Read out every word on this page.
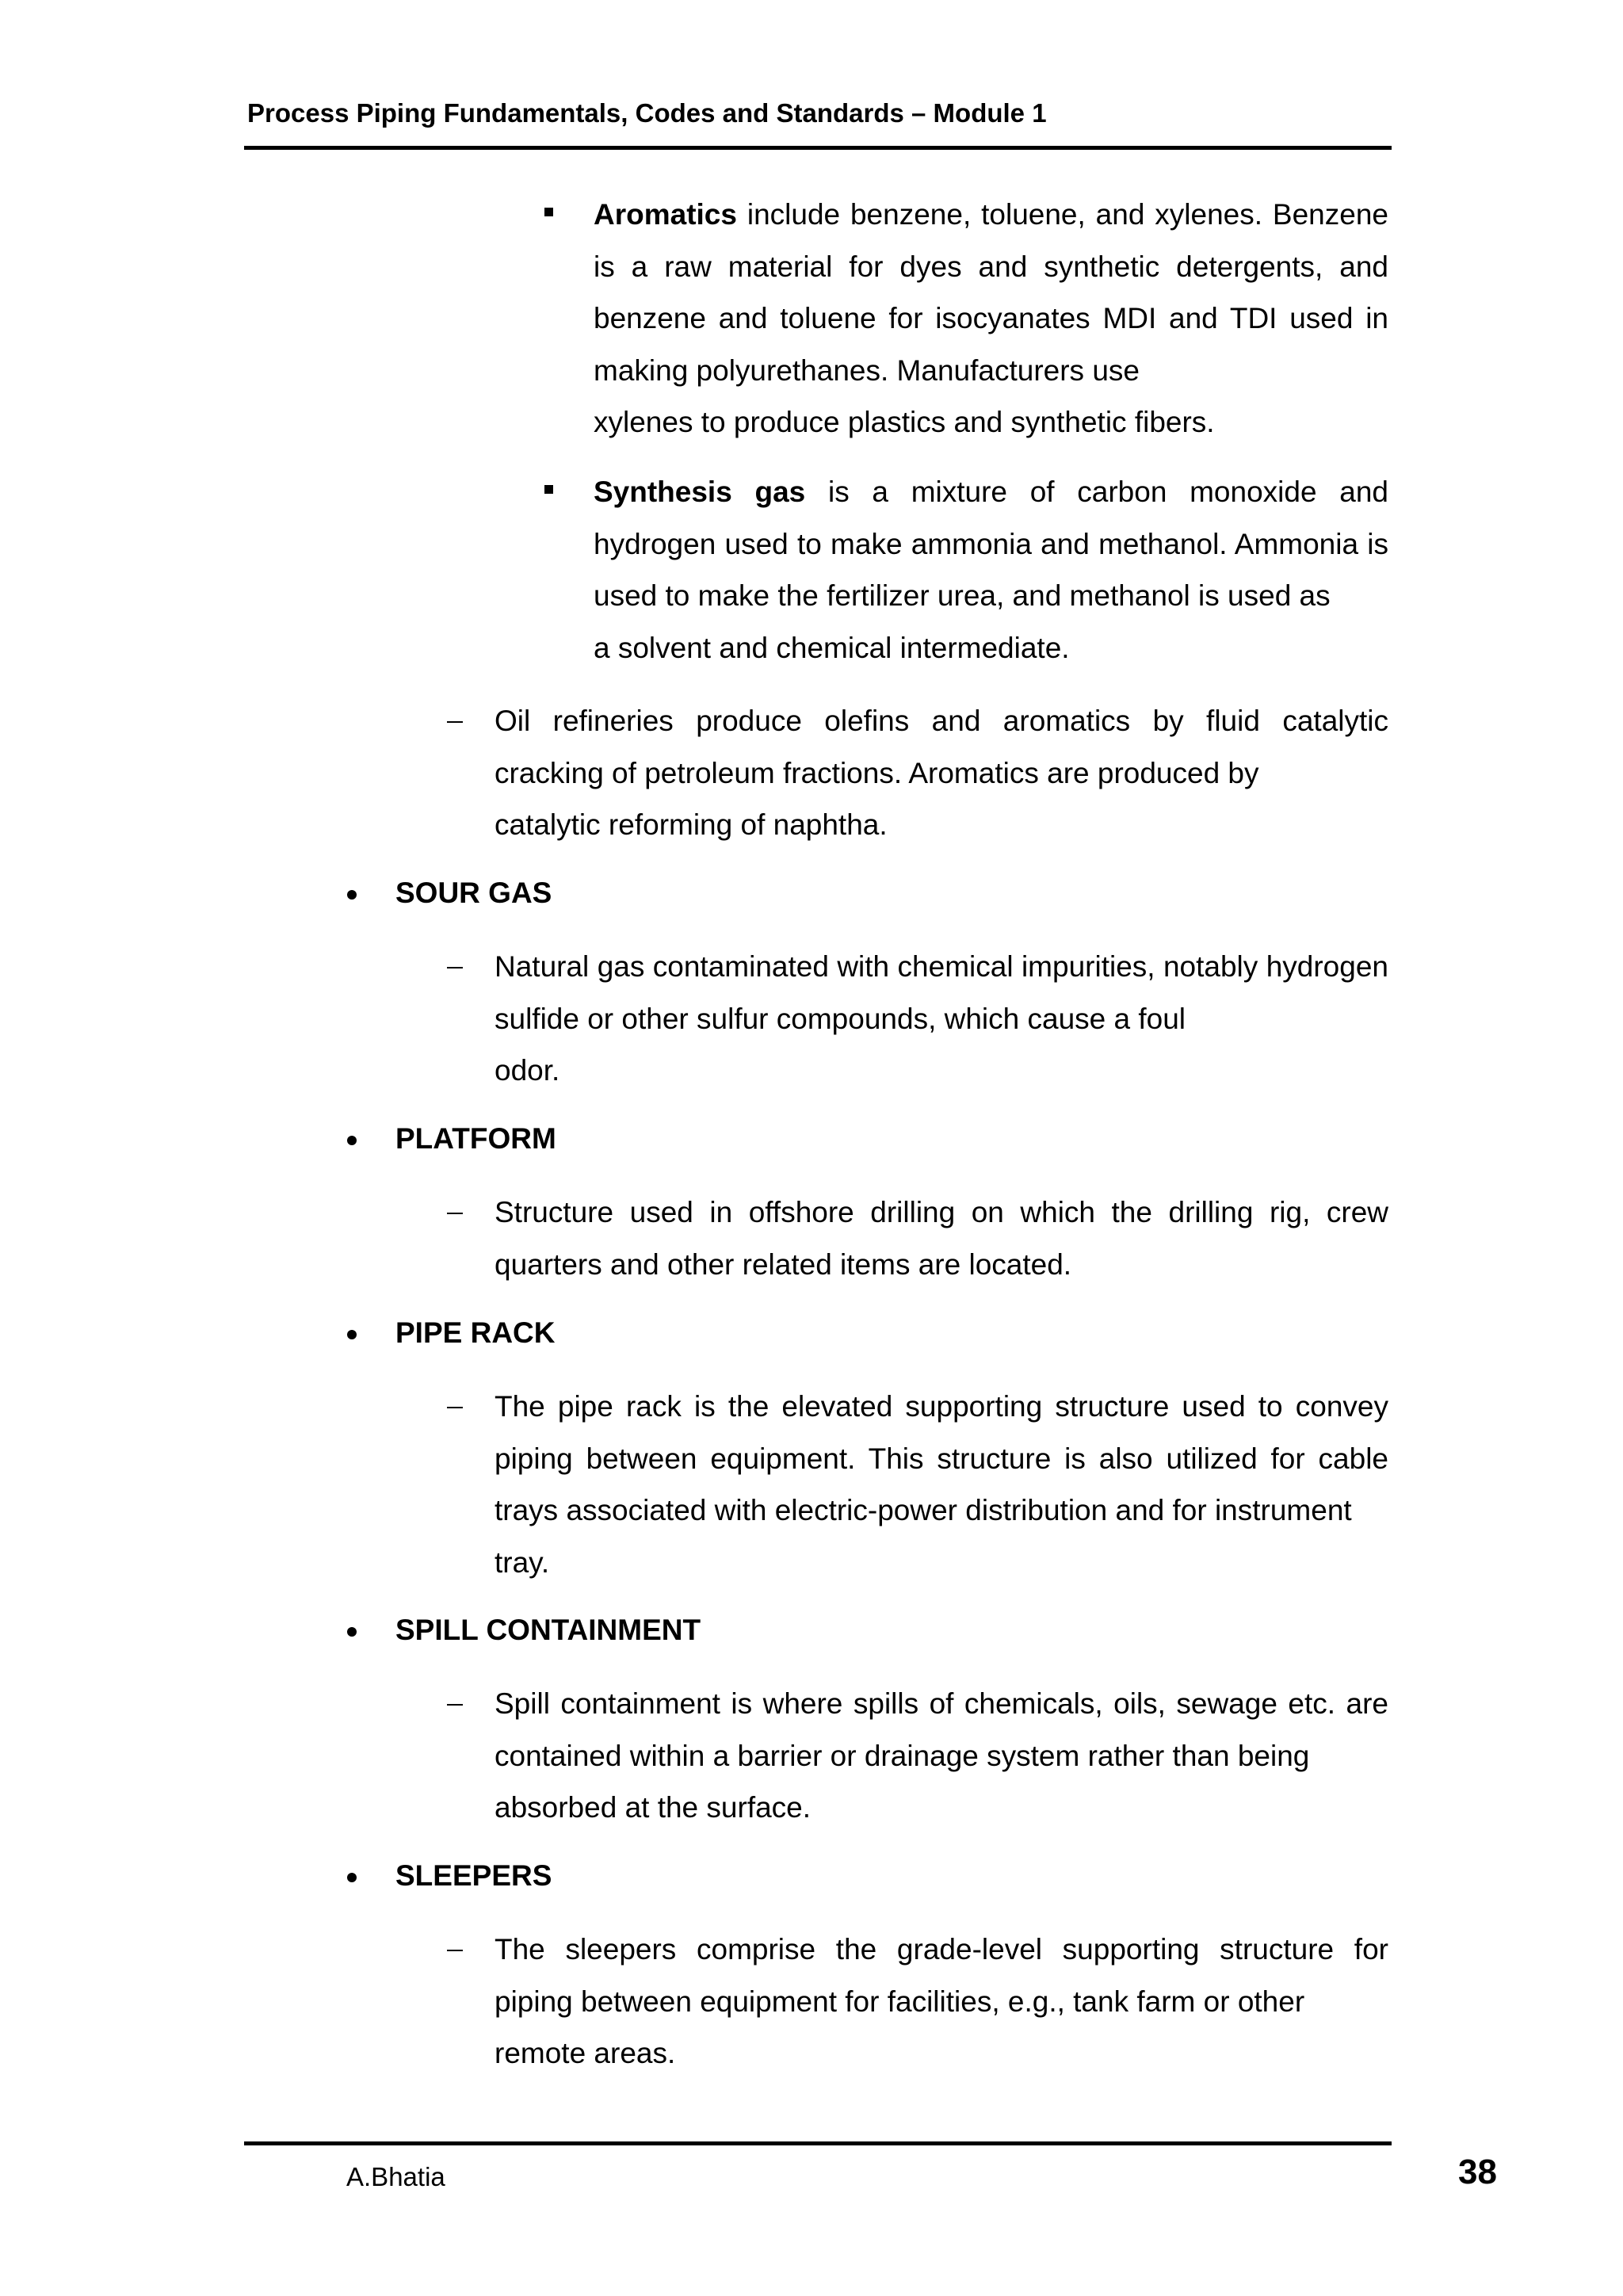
Process Piping Fundamentals, Codes and Standards – Module 1
Aromatics include benzene, toluene, and xylenes. Benzene is a raw material for dyes and synthetic detergents, and benzene and toluene for isocyanates MDI and TDI used in making polyurethanes. Manufacturers use
xylenes to produce plastics and synthetic fibers.
Synthesis gas is a mixture of carbon monoxide and hydrogen used to make ammonia and methanol. Ammonia is used to make the fertilizer urea, and methanol is used as
a solvent and chemical intermediate.
Oil refineries produce olefins and aromatics by fluid catalytic cracking of petroleum fractions. Aromatics are produced by
catalytic reforming of naphtha.
SOUR GAS
Natural gas contaminated with chemical impurities, notably hydrogen sulfide or other sulfur compounds, which cause a foul
odor.
PLATFORM
Structure used in offshore drilling on which the drilling rig, crew
quarters and other related items are located.
PIPE RACK
The pipe rack is the elevated supporting structure used to convey piping between equipment. This structure is also utilized for cable trays associated with electric-power distribution and for instrument
tray.
SPILL CONTAINMENT
Spill containment is where spills of chemicals, oils, sewage etc. are contained within a barrier or drainage system rather than being
absorbed at the surface.
SLEEPERS
The sleepers comprise the grade-level supporting structure for piping between equipment for facilities, e.g., tank farm or other
remote areas.
A.Bhatia	38
